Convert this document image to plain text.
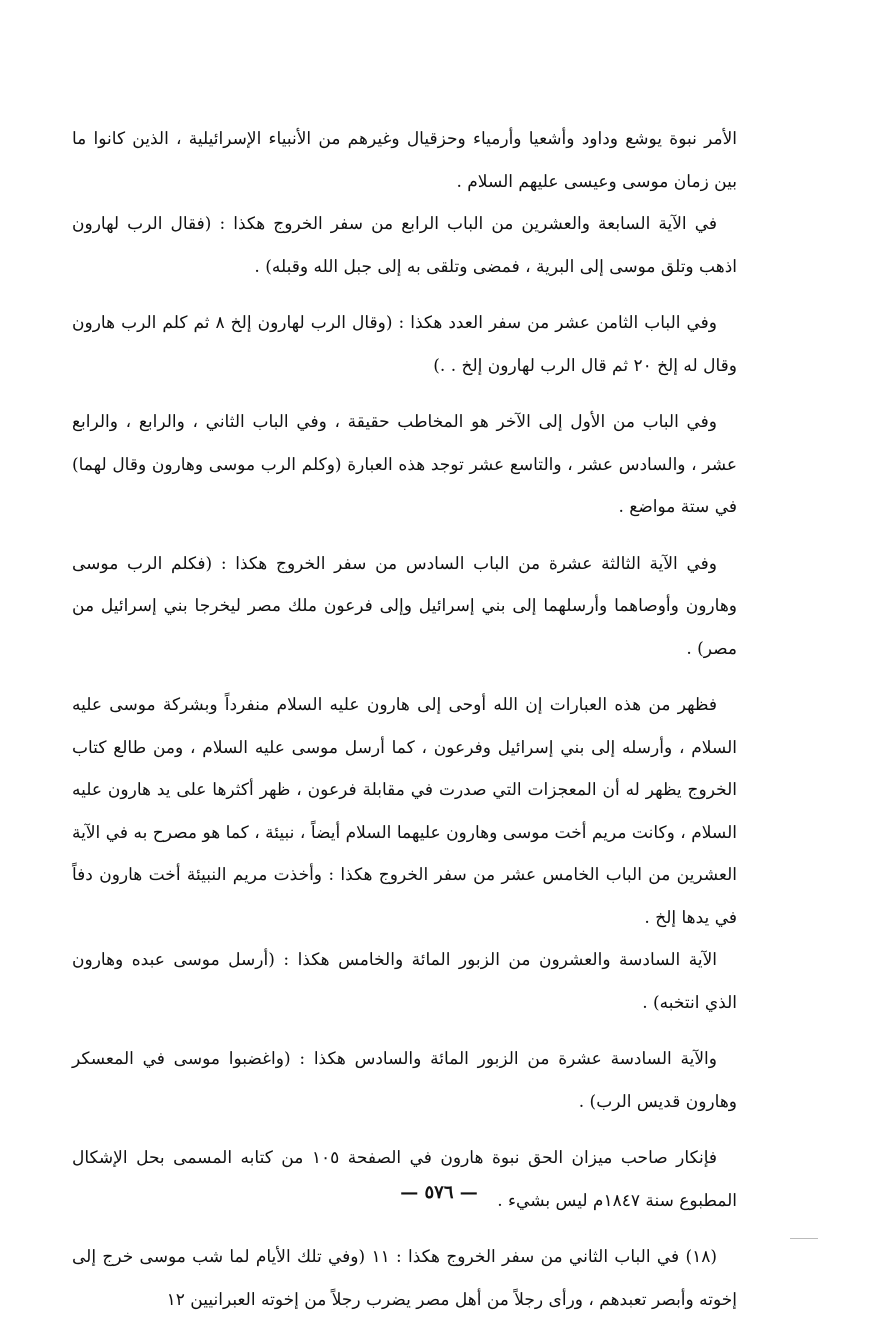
الأمر نبوة يوشع وداود وأشعيا وأرمياء وحزقيال وغيرهم من الأنبياء الإسرائيلية ، الذين كانوا ما بين زمان موسى وعيسى عليهم السلام .

في الآية السابعة والعشرين من الباب الرابع من سفر الخروج هكذا : (فقال الرب لهارون اذهب وتلق موسى إلى البرية ، فمضى وتلقى به إلى جبل الله وقبله) .

وفي الباب الثامن عشر من سفر العدد هكذا : (وقال الرب لهارون إلخ ٨ ثم كلم الرب هارون وقال له إلخ ٢٠ ثم قال الرب لهارون إلخ . .)

وفي الباب من الأول إلى الآخر هو المخاطب حقيقة ، وفي الباب الثاني ، والرابع ، والرابع عشر ، والسادس عشر ، والتاسع عشر توجد هذه العبارة (وكلم الرب موسى وهارون وقال لهما) في ستة مواضع .

وفي الآية الثالثة عشرة من الباب السادس من سفر الخروج هكذا : (فكلم الرب موسى وهارون وأوصاهما وأرسلهما إلى بني إسرائيل وإلى فرعون ملك مصر ليخرجا بني إسرائيل من مصر) .

فظهر من هذه العبارات إن الله أوحى إلى هارون عليه السلام منفرداً وبشركة موسى عليه السلام ، وأرسله إلى بني إسرائيل وفرعون ، كما أرسل موسى عليه السلام ، ومن طالع كتاب الخروج يظهر له أن المعجزات التي صدرت في مقابلة فرعون ، ظهر أكثرها على يد هارون عليه السلام ، وكانت مريم أخت موسى وهارون عليهما السلام أيضاً ، نبيئة ، كما هو مصرح به في الآية العشرين من الباب الخامس عشر من سفر الخروج هكذا : وأخذت مريم النبيئة أخت هارون دفاً في يدها إلخ .

الآية السادسة والعشرون من الزبور المائة والخامس هكذا : (أرسل موسى عبده وهارون الذي انتخبه) .

والآية السادسة عشرة من الزبور المائة والسادس هكذا : (واغضبوا موسى في المعسكر وهارون قديس الرب) .

فإنكار صاحب ميزان الحق نبوة هارون في الصفحة ١٠٥ من كتابه المسمى بحل الإشكال المطبوع سنة ١٨٤٧م ليس بشيء .

(١٨) في الباب الثاني من سفر الخروج هكذا : ١١ (وفي تلك الأيام لما شب موسى خرج إلى إخوته وأبصر تعبدهم ، ورأى رجلاً من أهل مصر يضرب رجلاً من إخوته العبرانيين ١٢

— ٥٧٦ —
